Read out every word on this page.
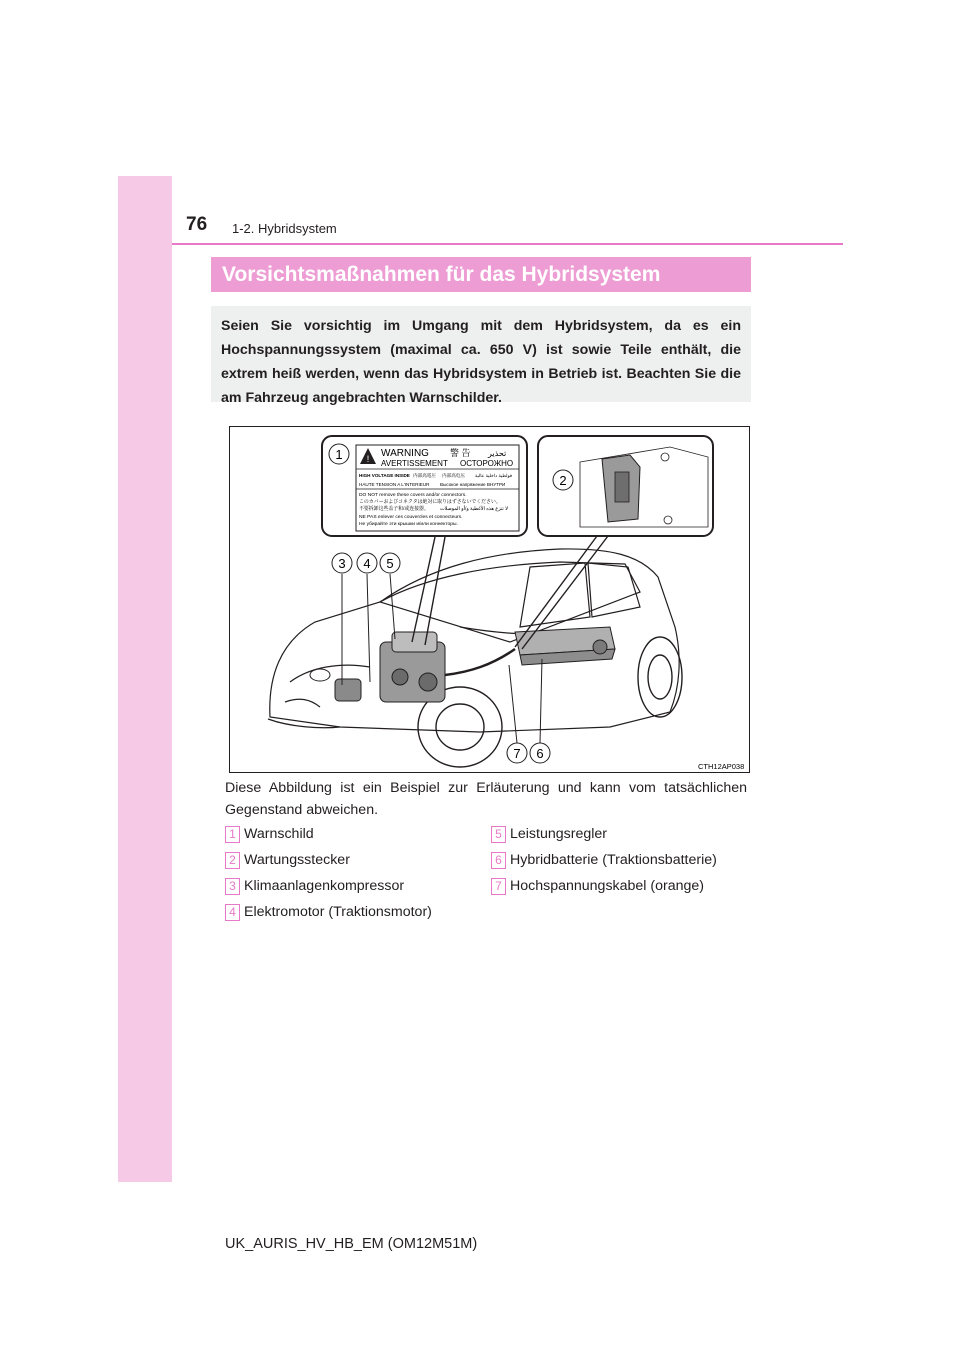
76 1-2. Hybridsystem
Vorsichtsmaßnahmen für das Hybridsystem
Seien Sie vorsichtig im Umgang mit dem Hybridsystem, da es ein Hochspannungssystem (maximal ca. 650 V) ist sowie Teile enthält, die extrem heiß werden, wenn das Hybridsystem in Betrieb ist. Beachten Sie die am Fahrzeug angebrachten Warnschilder.
! WARNING 警 告 تحذير
AVERTISSEMENT ОСТОРОЖНО
HIGH VOLTAGE INSIDE 内部高電圧 内部高电压 فولطية داخلية عالية
HAUTE TENSION A L'INTERIEUR Высокое напряжение ВНУТРИ
DO NOT remove these covers and/or connectors.
このカバーおよびコネクタは絶対に取りはずさないでください。
不要拆卸这些盖子和/或连接器。 لا تنزع هذه الأغطية و/أو الموصلات
NE PAS enlever ces couvercles et connecteurs.
Не убирайте эти крышки и/или коннекторы.
1
2
3 4 5
6
7
CTH12AP038
Diese Abbildung ist ein Beispiel zur Erläuterung und kann vom tatsächlichen Gegenstand abweichen.
1 Warnschild
2 Wartungsstecker
3 Klimaanlagenkompressor
4 Elektromotor (Traktionsmotor)
5 Leistungsregler
6 Hybridbatterie (Traktionsbatterie)
7 Hochspannungskabel (orange)
UK_AURIS_HV_HB_EM (OM12M51M)
